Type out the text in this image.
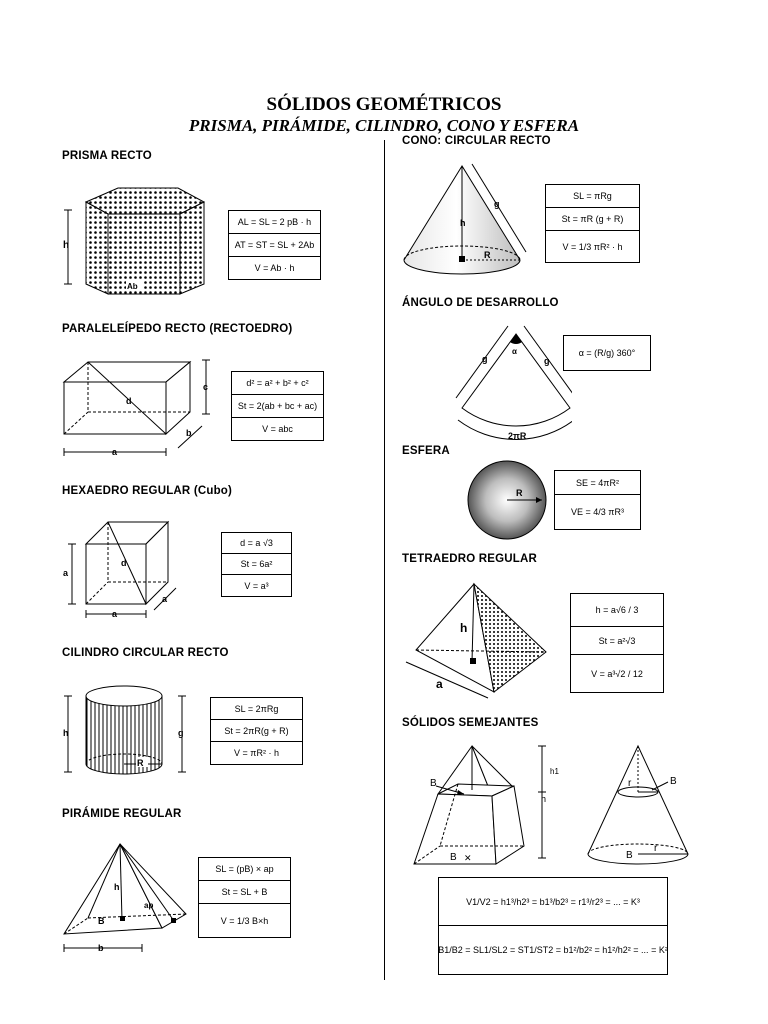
SÓLIDOS GEOMÉTRICOS
PRISMA, PIRÁMIDE, CILINDRO, CONO Y ESFERA
PRISMA RECTO
h
Ab
AL = SL = 2 pB · h
AT = ST = SL + 2Ab
V = Ab · h
PARALELEÍPEDO RECTO (RECTOEDRO)
d
c
b
a
d² = a² + b² + c²
St = 2(ab + bc + ac)
V = abc
HEXAEDRO REGULAR (Cubo)
d
a
a
a
d = a √3
St = 6a²
V = a³
CILINDRO CIRCULAR RECTO
R
h	g
SL = 2πRg
St = 2πR(g + R)
V = πR² · h
PIRÁMIDE REGULAR
h
ap
B
b
SL = (pB) × ap
St = SL + B
V = 1/3 B×h
CONO: CIRCULAR RECTO
h
R
g
SL = πRg
St = πR (g + R)
V = 1/3 πR² · h
ÁNGULO DE DESARROLLO
α
g	g
2πR
α = (R/g) 360°
ESFERA
R
SE = 4πR²
VE = 4/3 πR³
TETRAEDRO REGULAR
h
a
h = a√6 / 3
St = a²√3
V = a³√2 / 12
SÓLIDOS SEMEJANTES
B
B ✕
h1
h
r	B
B
r
V1/V2 = h1³/h2³ = b1³/b2³ = r1³/r2³ = ... = K³
B1/B2 = SL1/SL2 = ST1/ST2 = b1²/b2² = h1²/h2² = ... = K²
